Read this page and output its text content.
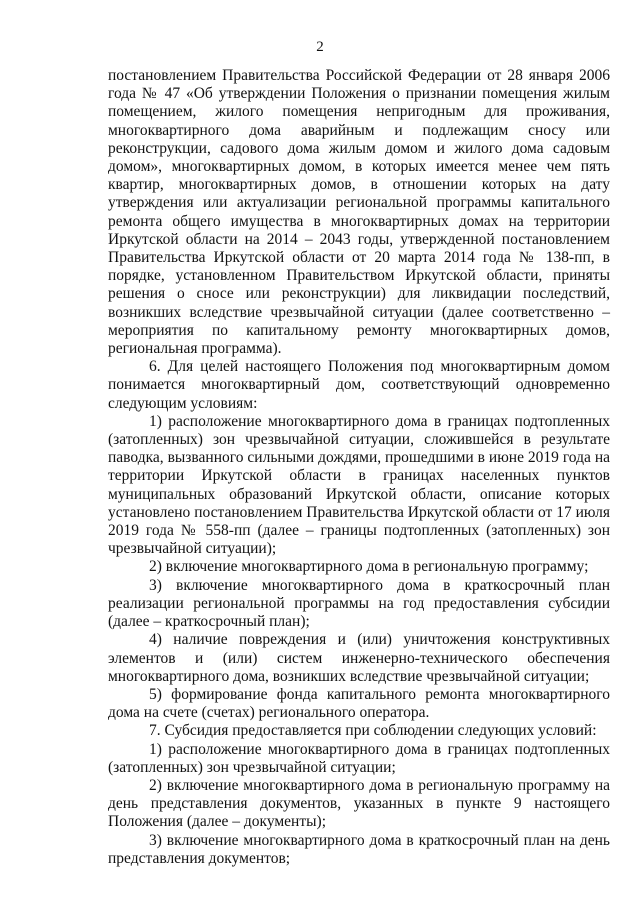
2

постановлением Правительства Российской Федерации от 28 января 2006 года № 47 «Об утверждении Положения о признании помещения жилым помещением, жилого помещения непригодным для проживания, многоквартирного дома аварийным и подлежащим сносу или реконструкции, садового дома жилым домом и жилого дома садовым домом», многоквартирных домом, в которых имеется менее чем пять квартир, многоквартирных домов, в отношении которых на дату утверждения или актуализации региональной программы капитального ремонта общего имущества в многоквартирных домах на территории Иркутской области на 2014 – 2043 годы, утвержденной постановлением Правительства Иркутской области от 20 марта 2014 года № 138-пп, в порядке, установленном Правительством Иркутской области, приняты решения о сносе или реконструкции) для ликвидации последствий, возникших вследствие чрезвычайной ситуации (далее соответственно – мероприятия по капитальному ремонту многоквартирных домов, региональная программа).

6. Для целей настоящего Положения под многоквартирным домом понимается многоквартирный дом, соответствующий одновременно следующим условиям:

1) расположение многоквартирного дома в границах подтопленных (затопленных) зон чрезвычайной ситуации, сложившейся в результате паводка, вызванного сильными дождями, прошедшими в июне 2019 года на территории Иркутской области в границах населенных пунктов муниципальных образований Иркутской области, описание которых установлено постановлением Правительства Иркутской области от 17 июля 2019 года № 558-пп (далее – границы подтопленных (затопленных) зон чрезвычайной ситуации);

2) включение многоквартирного дома в региональную программу;

3) включение многоквартирного дома в краткосрочный план реализации региональной программы на год предоставления субсидии (далее – краткосрочный план);

4) наличие повреждения и (или) уничтожения конструктивных элементов и (или) систем инженерно-технического обеспечения многоквартирного дома, возникших вследствие чрезвычайной ситуации;

5) формирование фонда капитального ремонта многоквартирного дома на счете (счетах) регионального оператора.

7. Субсидия предоставляется при соблюдении следующих условий:

1) расположение многоквартирного дома в границах подтопленных (затопленных) зон чрезвычайной ситуации;

2) включение многоквартирного дома в региональную программу на день представления документов, указанных в пункте 9 настоящего Положения (далее – документы);

3) включение многоквартирного дома в краткосрочный план на день представления документов;
